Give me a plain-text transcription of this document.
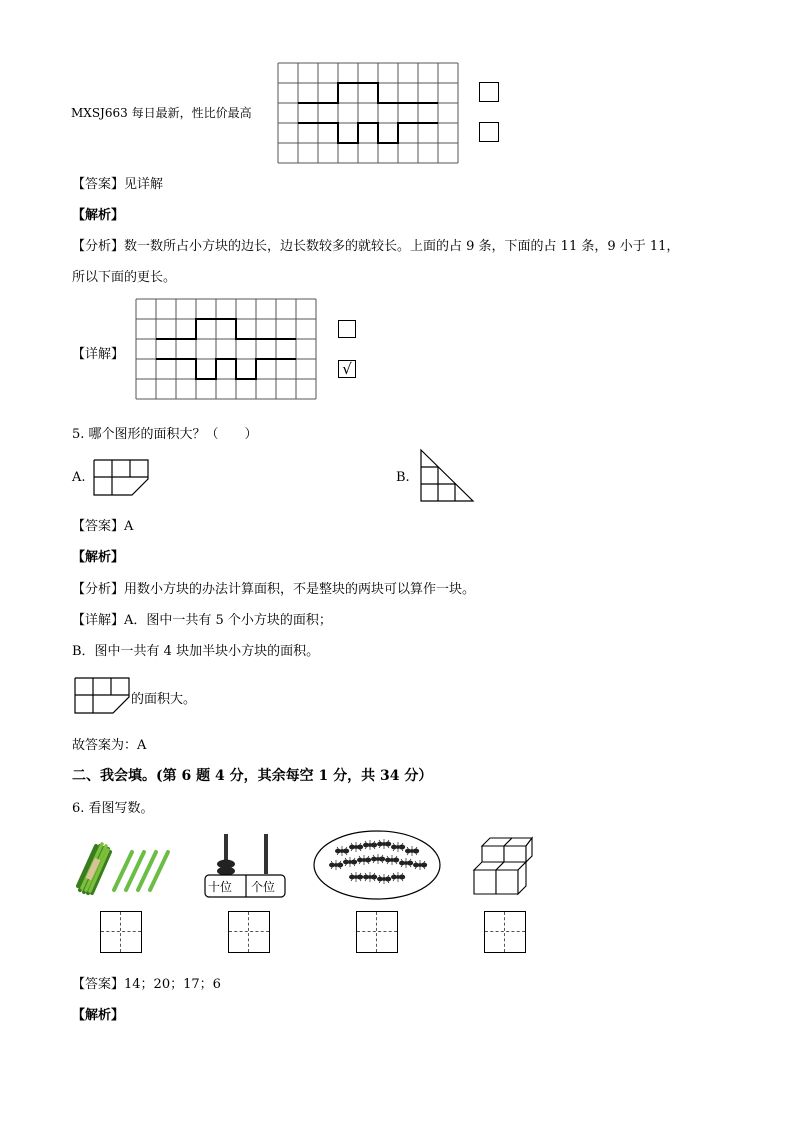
MXSJ663 每日最新，性比价最高
【答案】见详解
【解析】
【分析】数一数所占小方块的边长，边长数较多的就较长。上面的占 9 条，下面的占 11 条，9 小于 11，
所以下面的更长。
【详解】
√
5. 哪个图形的面积大？（　　）
A.	B.
【答案】A
【解析】
【分析】用数小方块的办法计算面积，不是整块的两块可以算作一块。
【详解】A．图中一共有 5 个小方块的面积；
B．图中一共有 4 块加半块小方块的面积。
的面积大。
故答案为：A
二、我会填。(第 6 题 4 分，其余每空 1 分，共 34 分）
6. 看图写数。
十位 个位
【答案】14；20；17；6
【解析】
